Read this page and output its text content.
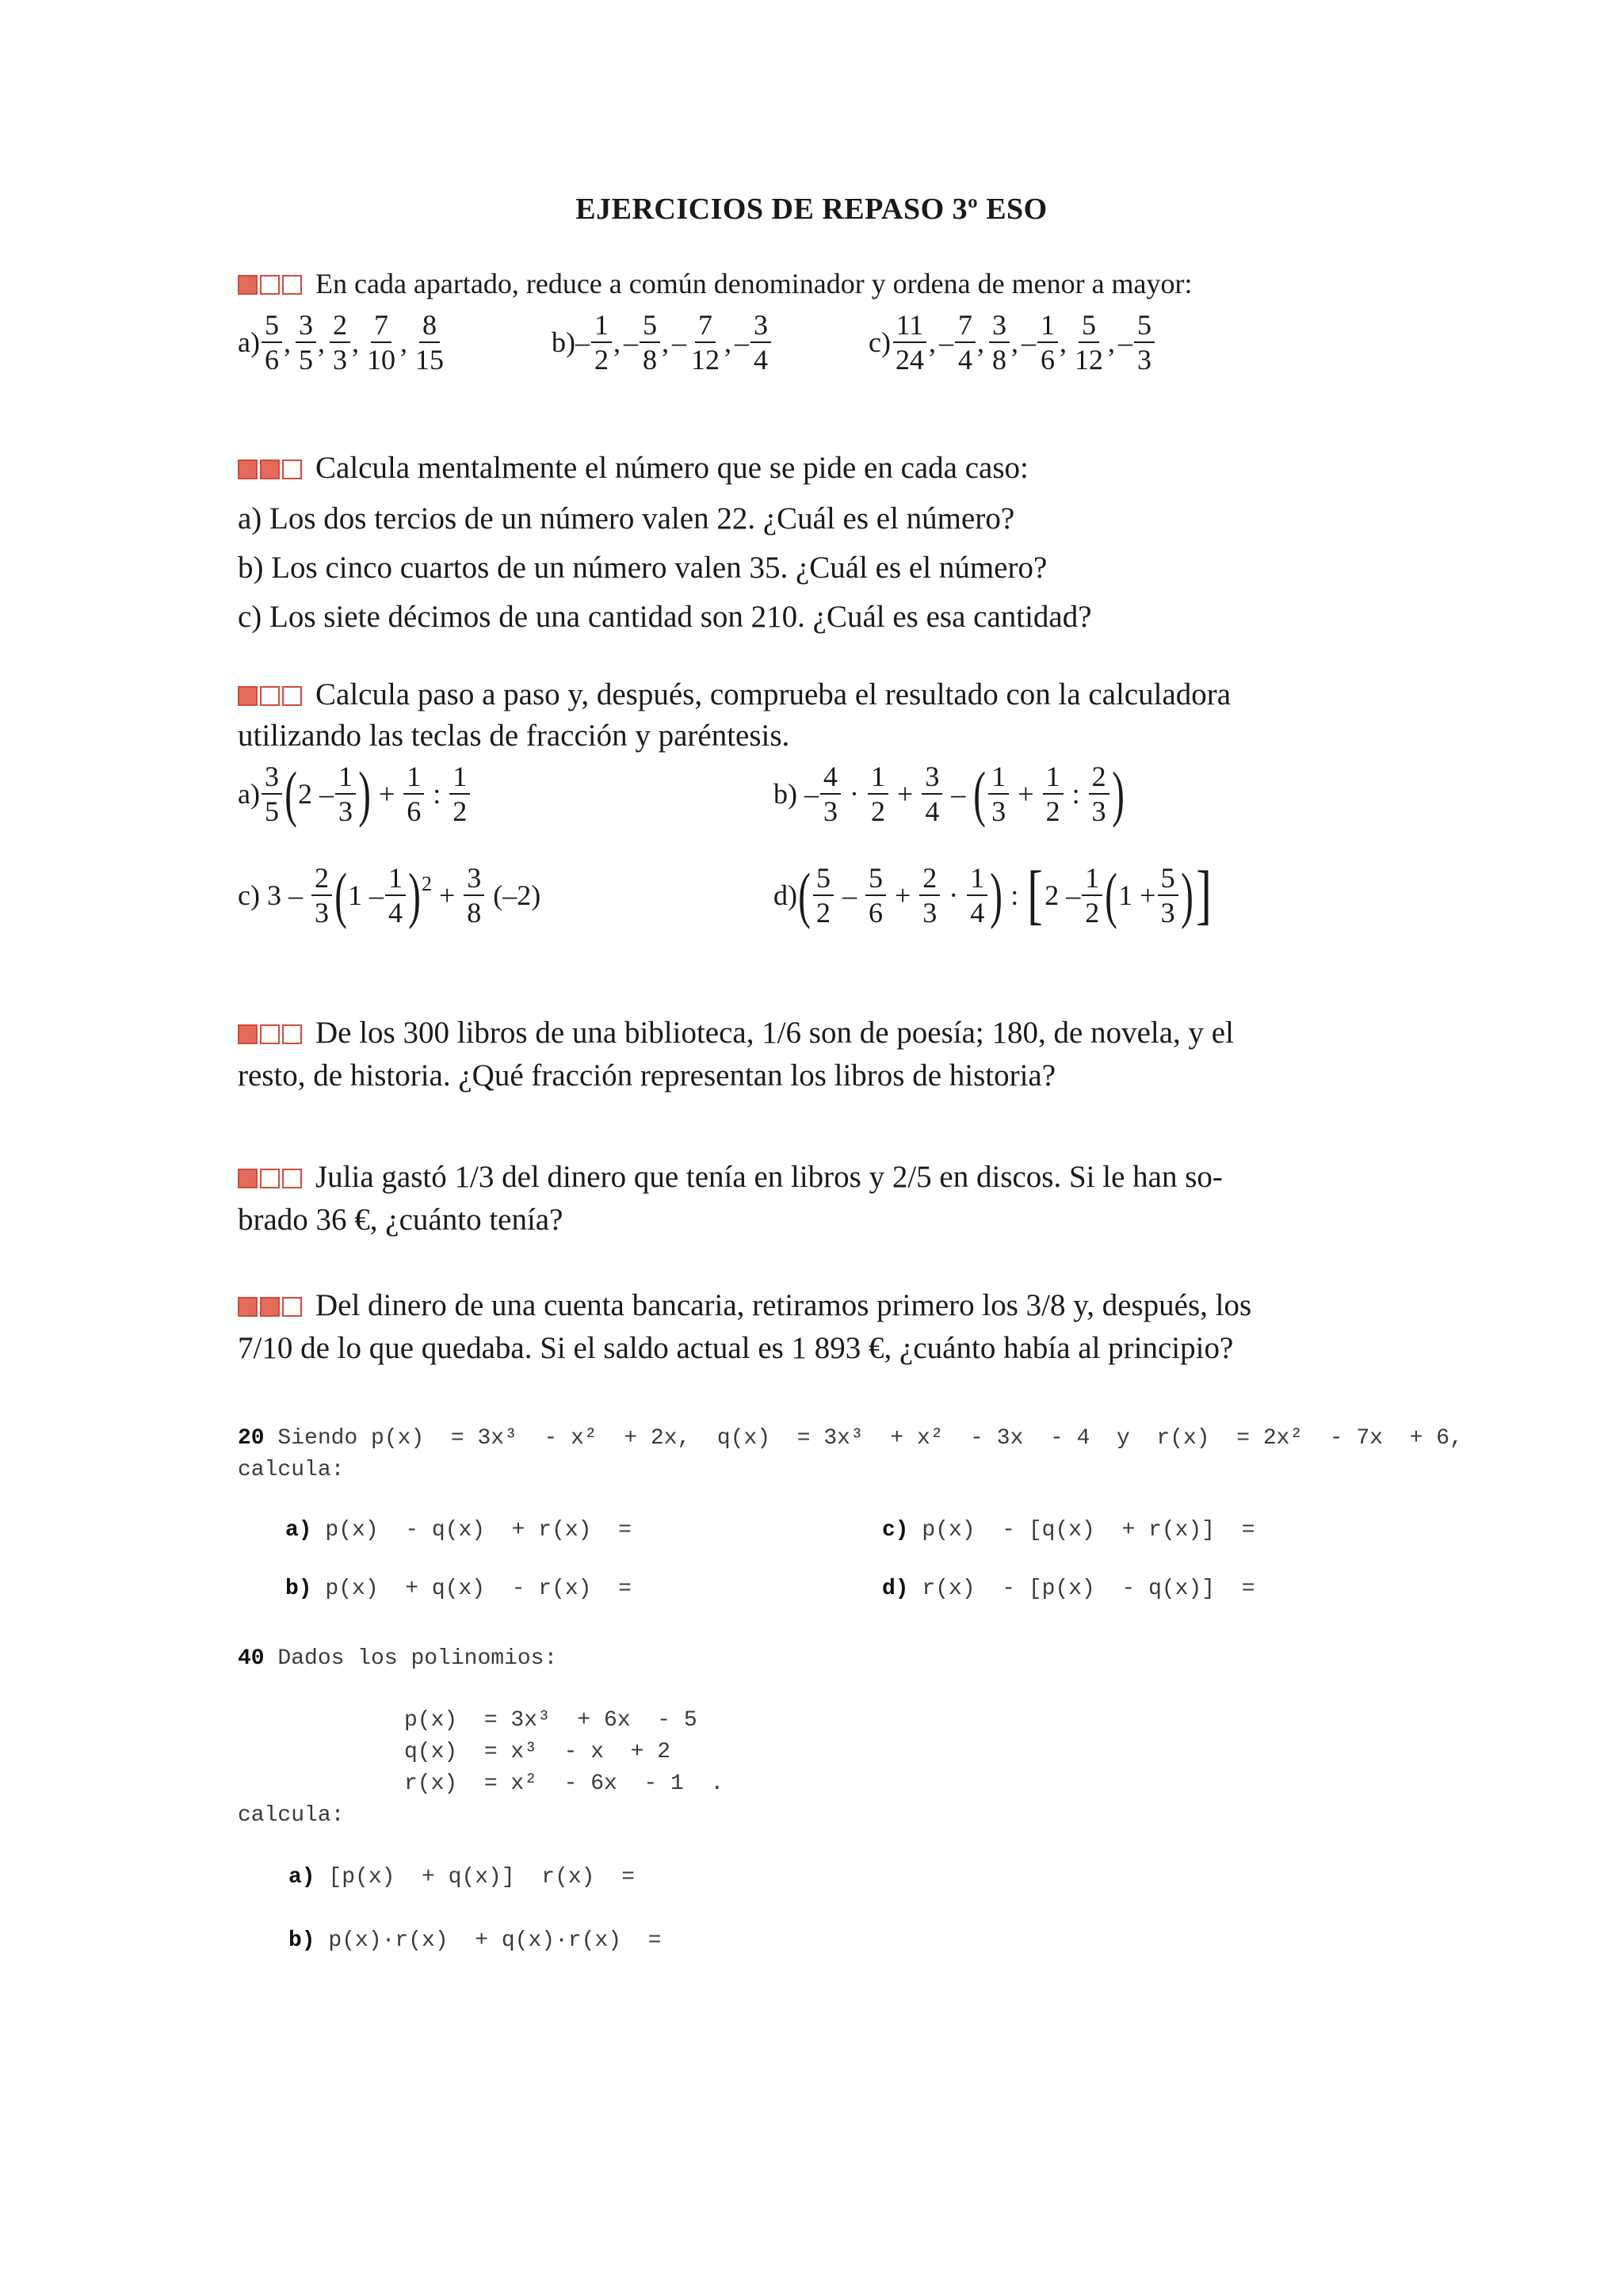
EJERCICIOS DE REPASO 3º ESO
En cada apartado, reduce a común denominador y ordena de menor a mayor:
$a) \frac{5}{6}$ , $\frac{3}{5}$ , $\frac{2}{3}$ , $\frac{7}{10}$ , $\frac{8}{15}$	$b) - \frac{1}{2}$ , – $\frac{5}{8}$ , – $\frac{7}{12}$ , – $\frac{3}{4}$	$c) \frac{11}{24}$ , – $\frac{7}{4}$ , $\frac{3}{8}$ , – $\frac{1}{6}$ , $\frac{5}{12}$ , – $\frac{5}{3}$
Calcula mentalmente el número que se pide en cada caso:
a) Los dos tercios de un número valen 22. ¿Cuál es el número?
b) Los cinco cuartos de un número valen 35. ¿Cuál es el número?
c) Los siete décimos de una cantidad son 210. ¿Cuál es esa cantidad?
Calcula paso a paso y, después, comprueba el resultado con la calculadora
utilizando las teclas de fracción y paréntesis.
$a) \frac{3}{5}$ ( $2 - \frac{1}{3}$ ) + $\frac{1}{6}$ : $\frac{1}{2}$	$b) - \frac{4}{3} \cdot \frac{1}{2} + \frac{3}{4}$ – ( $\frac{1}{3} + \frac{1}{2}$ : $\frac{2}{3}$ )
c) $3 - \frac{2}{3}$ ( $1 - \frac{1}{4}$ ) $2 + \frac{3}{8} (-2)$	d) ( $\frac{5}{2} - \frac{5}{6} + \frac{2}{3} \cdot \frac{1}{4}$ ) : [ $2 - \frac{1}{2}$ ( $1 + \frac{5}{3}$ ) ]
De los 300 libros de una biblioteca, 1/6 son de poesía; 180, de novela, y el
resto, de historia. ¿Qué fracción representan los libros de historia?
Julia gastó 1/3 del dinero que tenía en libros y 2/5 en discos. Si le han so-
brado 36 €, ¿cuánto tenía?
Del dinero de una cuenta bancaria, retiramos primero los 3/8 y, después, los
7/10 de lo que quedaba. Si el saldo actual es 1 893 €, ¿cuánto había al principio?
20 Siendo p(x)  = 3x³  - x²  + 2x,  q(x)  = 3x³  + x²  - 3x  - 4  y  r(x)  = 2x²  - 7x  + 6,
calcula:
a) p(x)  - q(x)  + r(x)  =	c) p(x)  - [q(x)  + r(x)]  =
b) p(x)  + q(x)  - r(x)  =	d) r(x)  - [p(x)  - q(x)]  =
40 Dados los polinomios:
p(x)  = 3x³  + 6x  - 5
q(x)  = x³  - x  + 2
r(x)  = x²  - 6x  - 1  .
calcula:
a) [p(x)  + q(x)]  r(x)  =
b) p(x)·r(x)  + q(x)·r(x)  =
